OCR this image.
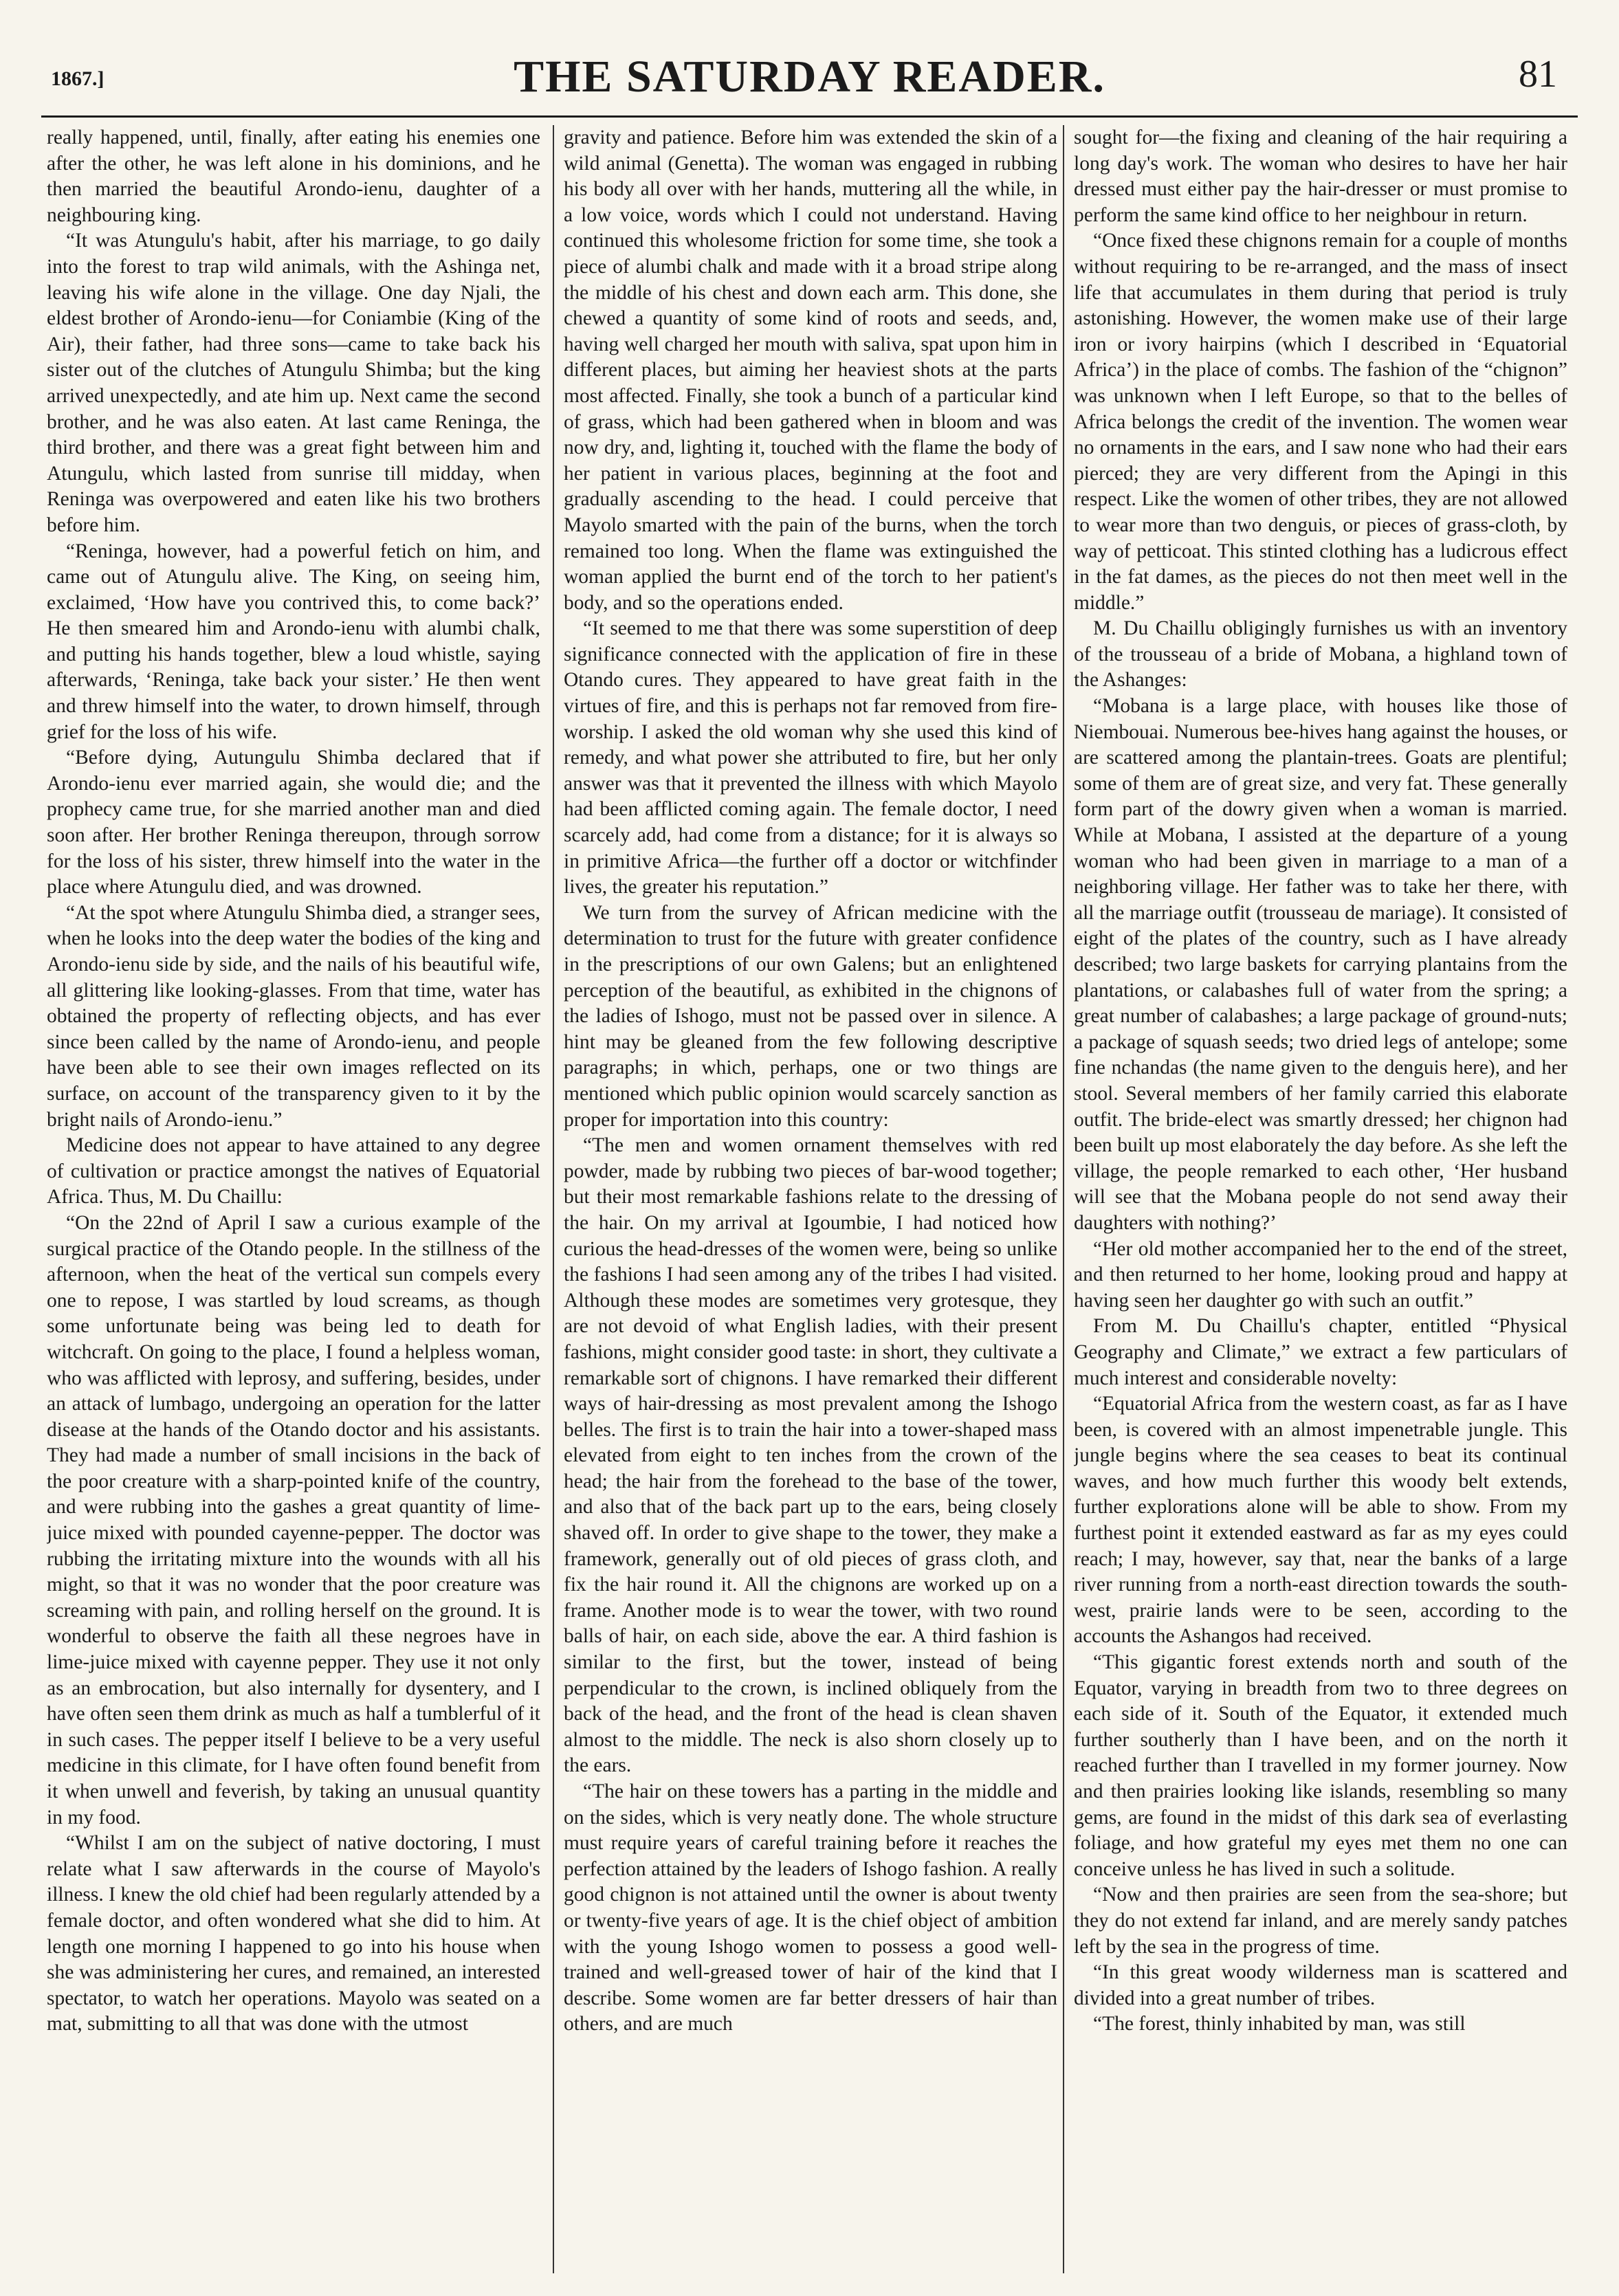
1867.]	THE SATURDAY READER.	81

really happened, until, finally, after eating his enemies one after the other, he was left alone in his dominions, and he then married the beautiful Arondo-ienu, daughter of a neighbouring king.

“It was Atungulu's habit, after his marriage, to go daily into the forest to trap wild animals, with the Ashinga net, leaving his wife alone in the village. One day Njali, the eldest brother of Arondo-ienu—for Coniambie (King of the Air), their father, had three sons—came to take back his sister out of the clutches of Atungulu Shimba; but the king arrived unexpectedly, and ate him up. Next came the second brother, and he was also eaten. At last came Reninga, the third brother, and there was a great fight between him and Atungulu, which lasted from sunrise till midday, when Reninga was overpowered and eaten like his two brothers before him.

“Reninga, however, had a powerful fetich on him, and came out of Atungulu alive. The King, on seeing him, exclaimed, ‘How have you contrived this, to come back?’ He then smeared him and Arondo-ienu with alumbi chalk, and putting his hands together, blew a loud whistle, saying afterwards, ‘Reninga, take back your sister.’ He then went and threw himself into the water, to drown himself, through grief for the loss of his wife.

“Before dying, Autungulu Shimba declared that if Arondo-ienu ever married again, she would die; and the prophecy came true, for she married another man and died soon after. Her brother Reninga thereupon, through sorrow for the loss of his sister, threw himself into the water in the place where Atungulu died, and was drowned.

“At the spot where Atungulu Shimba died, a stranger sees, when he looks into the deep water the bodies of the king and Arondo-ienu side by side, and the nails of his beautiful wife, all glittering like looking-glasses. From that time, water has obtained the property of reflecting objects, and has ever since been called by the name of Arondo-ienu, and people have been able to see their own images reflected on its surface, on account of the transparency given to it by the bright nails of Arondo-ienu.”

Medicine does not appear to have attained to any degree of cultivation or practice amongst the natives of Equatorial Africa. Thus, M. Du Chaillu:

“On the 22nd of April I saw a curious example of the surgical practice of the Otando people. In the stillness of the afternoon, when the heat of the vertical sun compels every one to repose, I was startled by loud screams, as though some unfortunate being was being led to death for witchcraft. On going to the place, I found a helpless woman, who was afflicted with leprosy, and suffering, besides, under an attack of lumbago, undergoing an operation for the latter disease at the hands of the Otando doctor and his assistants. They had made a number of small incisions in the back of the poor creature with a sharp-pointed knife of the country, and were rubbing into the gashes a great quantity of lime-juice mixed with pounded cayenne-pepper. The doctor was rubbing the irritating mixture into the wounds with all his might, so that it was no wonder that the poor creature was screaming with pain, and rolling herself on the ground. It is wonderful to observe the faith all these negroes have in lime-juice mixed with cayenne pepper. They use it not only as an embrocation, but also internally for dysentery, and I have often seen them drink as much as half a tumblerful of it in such cases. The pepper itself I believe to be a very useful medicine in this climate, for I have often found benefit from it when unwell and feverish, by taking an unusual quantity in my food.

“Whilst I am on the subject of native doctoring, I must relate what I saw afterwards in the course of Mayolo's illness. I knew the old chief had been regularly attended by a female doctor, and often wondered what she did to him. At length one morning I happened to go into his house when she was administering her cures, and remained, an interested spectator, to watch her operations. Mayolo was seated on a mat, submitting to all that was done with the utmost

gravity and patience. Before him was extended the skin of a wild animal (Genetta). The woman was engaged in rubbing his body all over with her hands, muttering all the while, in a low voice, words which I could not understand. Having continued this wholesome friction for some time, she took a piece of alumbi chalk and made with it a broad stripe along the middle of his chest and down each arm. This done, she chewed a quantity of some kind of roots and seeds, and, having well charged her mouth with saliva, spat upon him in different places, but aiming her heaviest shots at the parts most affected. Finally, she took a bunch of a particular kind of grass, which had been gathered when in bloom and was now dry, and, lighting it, touched with the flame the body of her patient in various places, beginning at the foot and gradually ascending to the head. I could perceive that Mayolo smarted with the pain of the burns, when the torch remained too long. When the flame was extinguished the woman applied the burnt end of the torch to her patient's body, and so the operations ended.

“It seemed to me that there was some superstition of deep significance connected with the application of fire in these Otando cures. They appeared to have great faith in the virtues of fire, and this is perhaps not far removed from fire-worship. I asked the old woman why she used this kind of remedy, and what power she attributed to fire, but her only answer was that it prevented the illness with which Mayolo had been afflicted coming again. The female doctor, I need scarcely add, had come from a distance; for it is always so in primitive Africa—the further off a doctor or witchfinder lives, the greater his reputation.”

We turn from the survey of African medicine with the determination to trust for the future with greater confidence in the prescriptions of our own Galens; but an enlightened perception of the beautiful, as exhibited in the chignons of the ladies of Ishogo, must not be passed over in silence. A hint may be gleaned from the few following descriptive paragraphs; in which, perhaps, one or two things are mentioned which public opinion would scarcely sanction as proper for importation into this country:

“The men and women ornament themselves with red powder, made by rubbing two pieces of bar-wood together; but their most remarkable fashions relate to the dressing of the hair. On my arrival at Igoumbie, I had noticed how curious the head-dresses of the women were, being so unlike the fashions I had seen among any of the tribes I had visited. Although these modes are sometimes very grotesque, they are not devoid of what English ladies, with their present fashions, might consider good taste: in short, they cultivate a remarkable sort of chignons. I have remarked their different ways of hair-dressing as most prevalent among the Ishogo belles. The first is to train the hair into a tower-shaped mass elevated from eight to ten inches from the crown of the head; the hair from the forehead to the base of the tower, and also that of the back part up to the ears, being closely shaved off. In order to give shape to the tower, they make a framework, generally out of old pieces of grass cloth, and fix the hair round it. All the chignons are worked up on a frame. Another mode is to wear the tower, with two round balls of hair, on each side, above the ear. A third fashion is similar to the first, but the tower, instead of being perpendicular to the crown, is inclined obliquely from the back of the head, and the front of the head is clean shaven almost to the middle. The neck is also shorn closely up to the ears.

“The hair on these towers has a parting in the middle and on the sides, which is very neatly done. The whole structure must require years of careful training before it reaches the perfection attained by the leaders of Ishogo fashion. A really good chignon is not attained until the owner is about twenty or twenty-five years of age. It is the chief object of ambition with the young Ishogo women to possess a good well-trained and well-greased tower of hair of the kind that I describe. Some women are far better dressers of hair than others, and are much

sought for—the fixing and cleaning of the hair requiring a long day's work. The woman who desires to have her hair dressed must either pay the hair-dresser or must promise to perform the same kind office to her neighbour in return.

“Once fixed these chignons remain for a couple of months without requiring to be re-arranged, and the mass of insect life that accumulates in them during that period is truly astonishing. However, the women make use of their large iron or ivory hairpins (which I described in ‘Equatorial Africa’) in the place of combs. The fashion of the “chignon” was unknown when I left Europe, so that to the belles of Africa belongs the credit of the invention. The women wear no ornaments in the ears, and I saw none who had their ears pierced; they are very different from the Apingi in this respect. Like the women of other tribes, they are not allowed to wear more than two denguis, or pieces of grass-cloth, by way of petticoat. This stinted clothing has a ludicrous effect in the fat dames, as the pieces do not then meet well in the middle.”

M. Du Chaillu obligingly furnishes us with an inventory of the trousseau of a bride of Mobana, a highland town of the Ashanges:

“Mobana is a large place, with houses like those of Niembouai. Numerous bee-hives hang against the houses, or are scattered among the plantain-trees. Goats are plentiful; some of them are of great size, and very fat. These generally form part of the dowry given when a woman is married. While at Mobana, I assisted at the departure of a young woman who had been given in marriage to a man of a neighboring village. Her father was to take her there, with all the marriage outfit (trousseau de mariage). It consisted of eight of the plates of the country, such as I have already described; two large baskets for carrying plantains from the plantations, or calabashes full of water from the spring; a great number of calabashes; a large package of ground-nuts; a package of squash seeds; two dried legs of antelope; some fine nchandas (the name given to the denguis here), and her stool. Several members of her family carried this elaborate outfit. The bride-elect was smartly dressed; her chignon had been built up most elaborately the day before. As she left the village, the people remarked to each other, ‘Her husband will see that the Mobana people do not send away their daughters with nothing?’

“Her old mother accompanied her to the end of the street, and then returned to her home, looking proud and happy at having seen her daughter go with such an outfit.”

From M. Du Chaillu's chapter, entitled “Physical Geography and Climate,” we extract a few particulars of much interest and considerable novelty:

“Equatorial Africa from the western coast, as far as I have been, is covered with an almost impenetrable jungle. This jungle begins where the sea ceases to beat its continual waves, and how much further this woody belt extends, further explorations alone will be able to show. From my furthest point it extended eastward as far as my eyes could reach; I may, however, say that, near the banks of a large river running from a north-east direction towards the south-west, prairie lands were to be seen, according to the accounts the Ashangos had received.

“This gigantic forest extends north and south of the Equator, varying in breadth from two to three degrees on each side of it. South of the Equator, it extended much further southerly than I have been, and on the north it reached further than I travelled in my former journey. Now and then prairies looking like islands, resembling so many gems, are found in the midst of this dark sea of everlasting foliage, and how grateful my eyes met them no one can conceive unless he has lived in such a solitude.

“Now and then prairies are seen from the sea-shore; but they do not extend far inland, and are merely sandy patches left by the sea in the progress of time.

“In this great woody wilderness man is scattered and divided into a great number of tribes.

“The forest, thinly inhabited by man, was still
